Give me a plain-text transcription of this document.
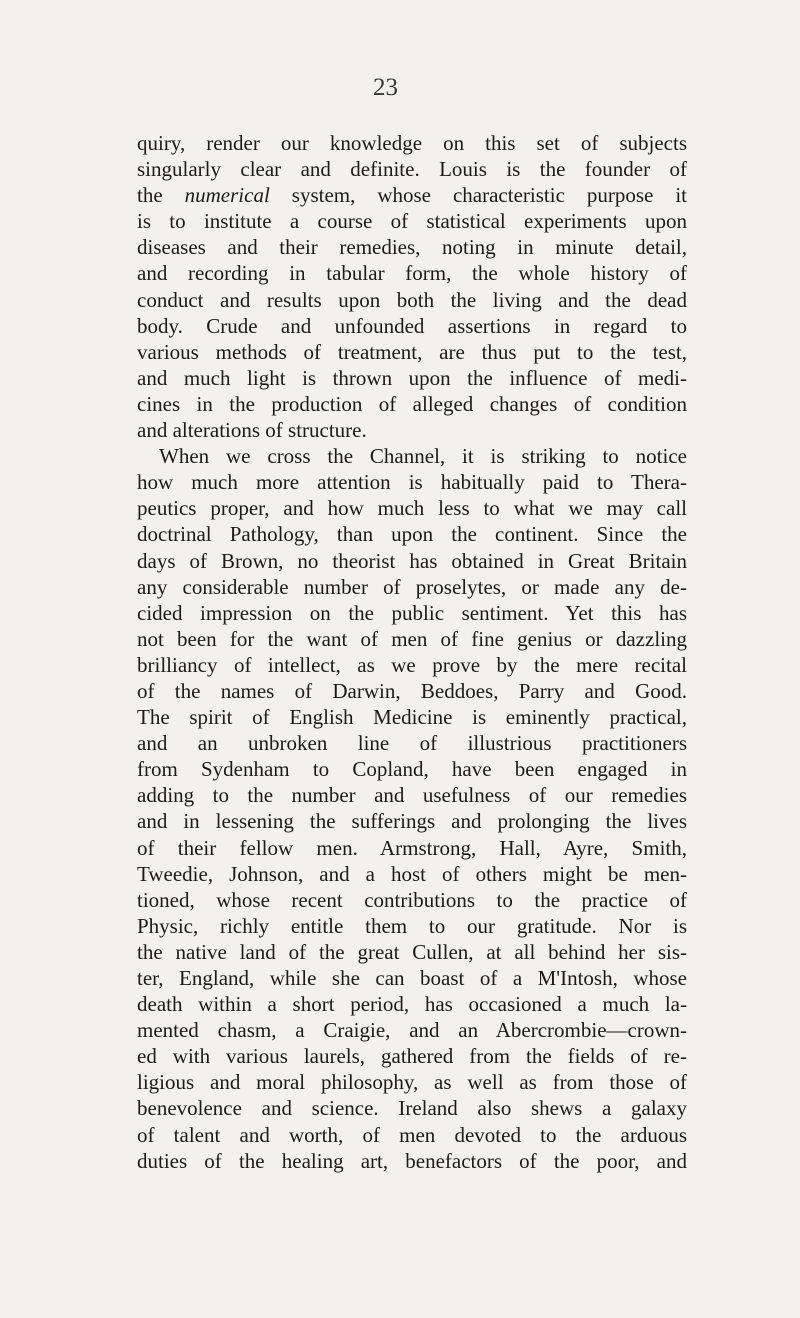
23
quiry, render our knowledge on this set of subjects
singularly clear and definite. Louis is the founder of
the numerical system, whose characteristic purpose it
is to institute a course of statistical experiments upon
diseases and their remedies, noting in minute detail,
and recording in tabular form, the whole history of
conduct and results upon both the living and the dead
body. Crude and unfounded assertions in regard to
various methods of treatment, are thus put to the test,
and much light is thrown upon the influence of medi-
cines in the production of alleged changes of condition
and alterations of structure.
When we cross the Channel, it is striking to notice
how much more attention is habitually paid to Thera-
peutics proper, and how much less to what we may call
doctrinal Pathology, than upon the continent. Since the
days of Brown, no theorist has obtained in Great Britain
any considerable number of proselytes, or made any de-
cided impression on the public sentiment. Yet this has
not been for the want of men of fine genius or dazzling
brilliancy of intellect, as we prove by the mere recital
of the names of Darwin, Beddoes, Parry and Good.
The spirit of English Medicine is eminently practical,
and an unbroken line of illustrious practitioners
from Sydenham to Copland, have been engaged in
adding to the number and usefulness of our remedies
and in lessening the sufferings and prolonging the lives
of their fellow men. Armstrong, Hall, Ayre, Smith,
Tweedie, Johnson, and a host of others might be men-
tioned, whose recent contributions to the practice of
Physic, richly entitle them to our gratitude. Nor is
the native land of the great Cullen, at all behind her sis-
ter, England, while she can boast of a M'Intosh, whose
death within a short period, has occasioned a much la-
mented chasm, a Craigie, and an Abercrombie—crown-
ed with various laurels, gathered from the fields of re-
ligious and moral philosophy, as well as from those of
benevolence and science. Ireland also shews a galaxy
of talent and worth, of men devoted to the arduous
duties of the healing art, benefactors of the poor, and
